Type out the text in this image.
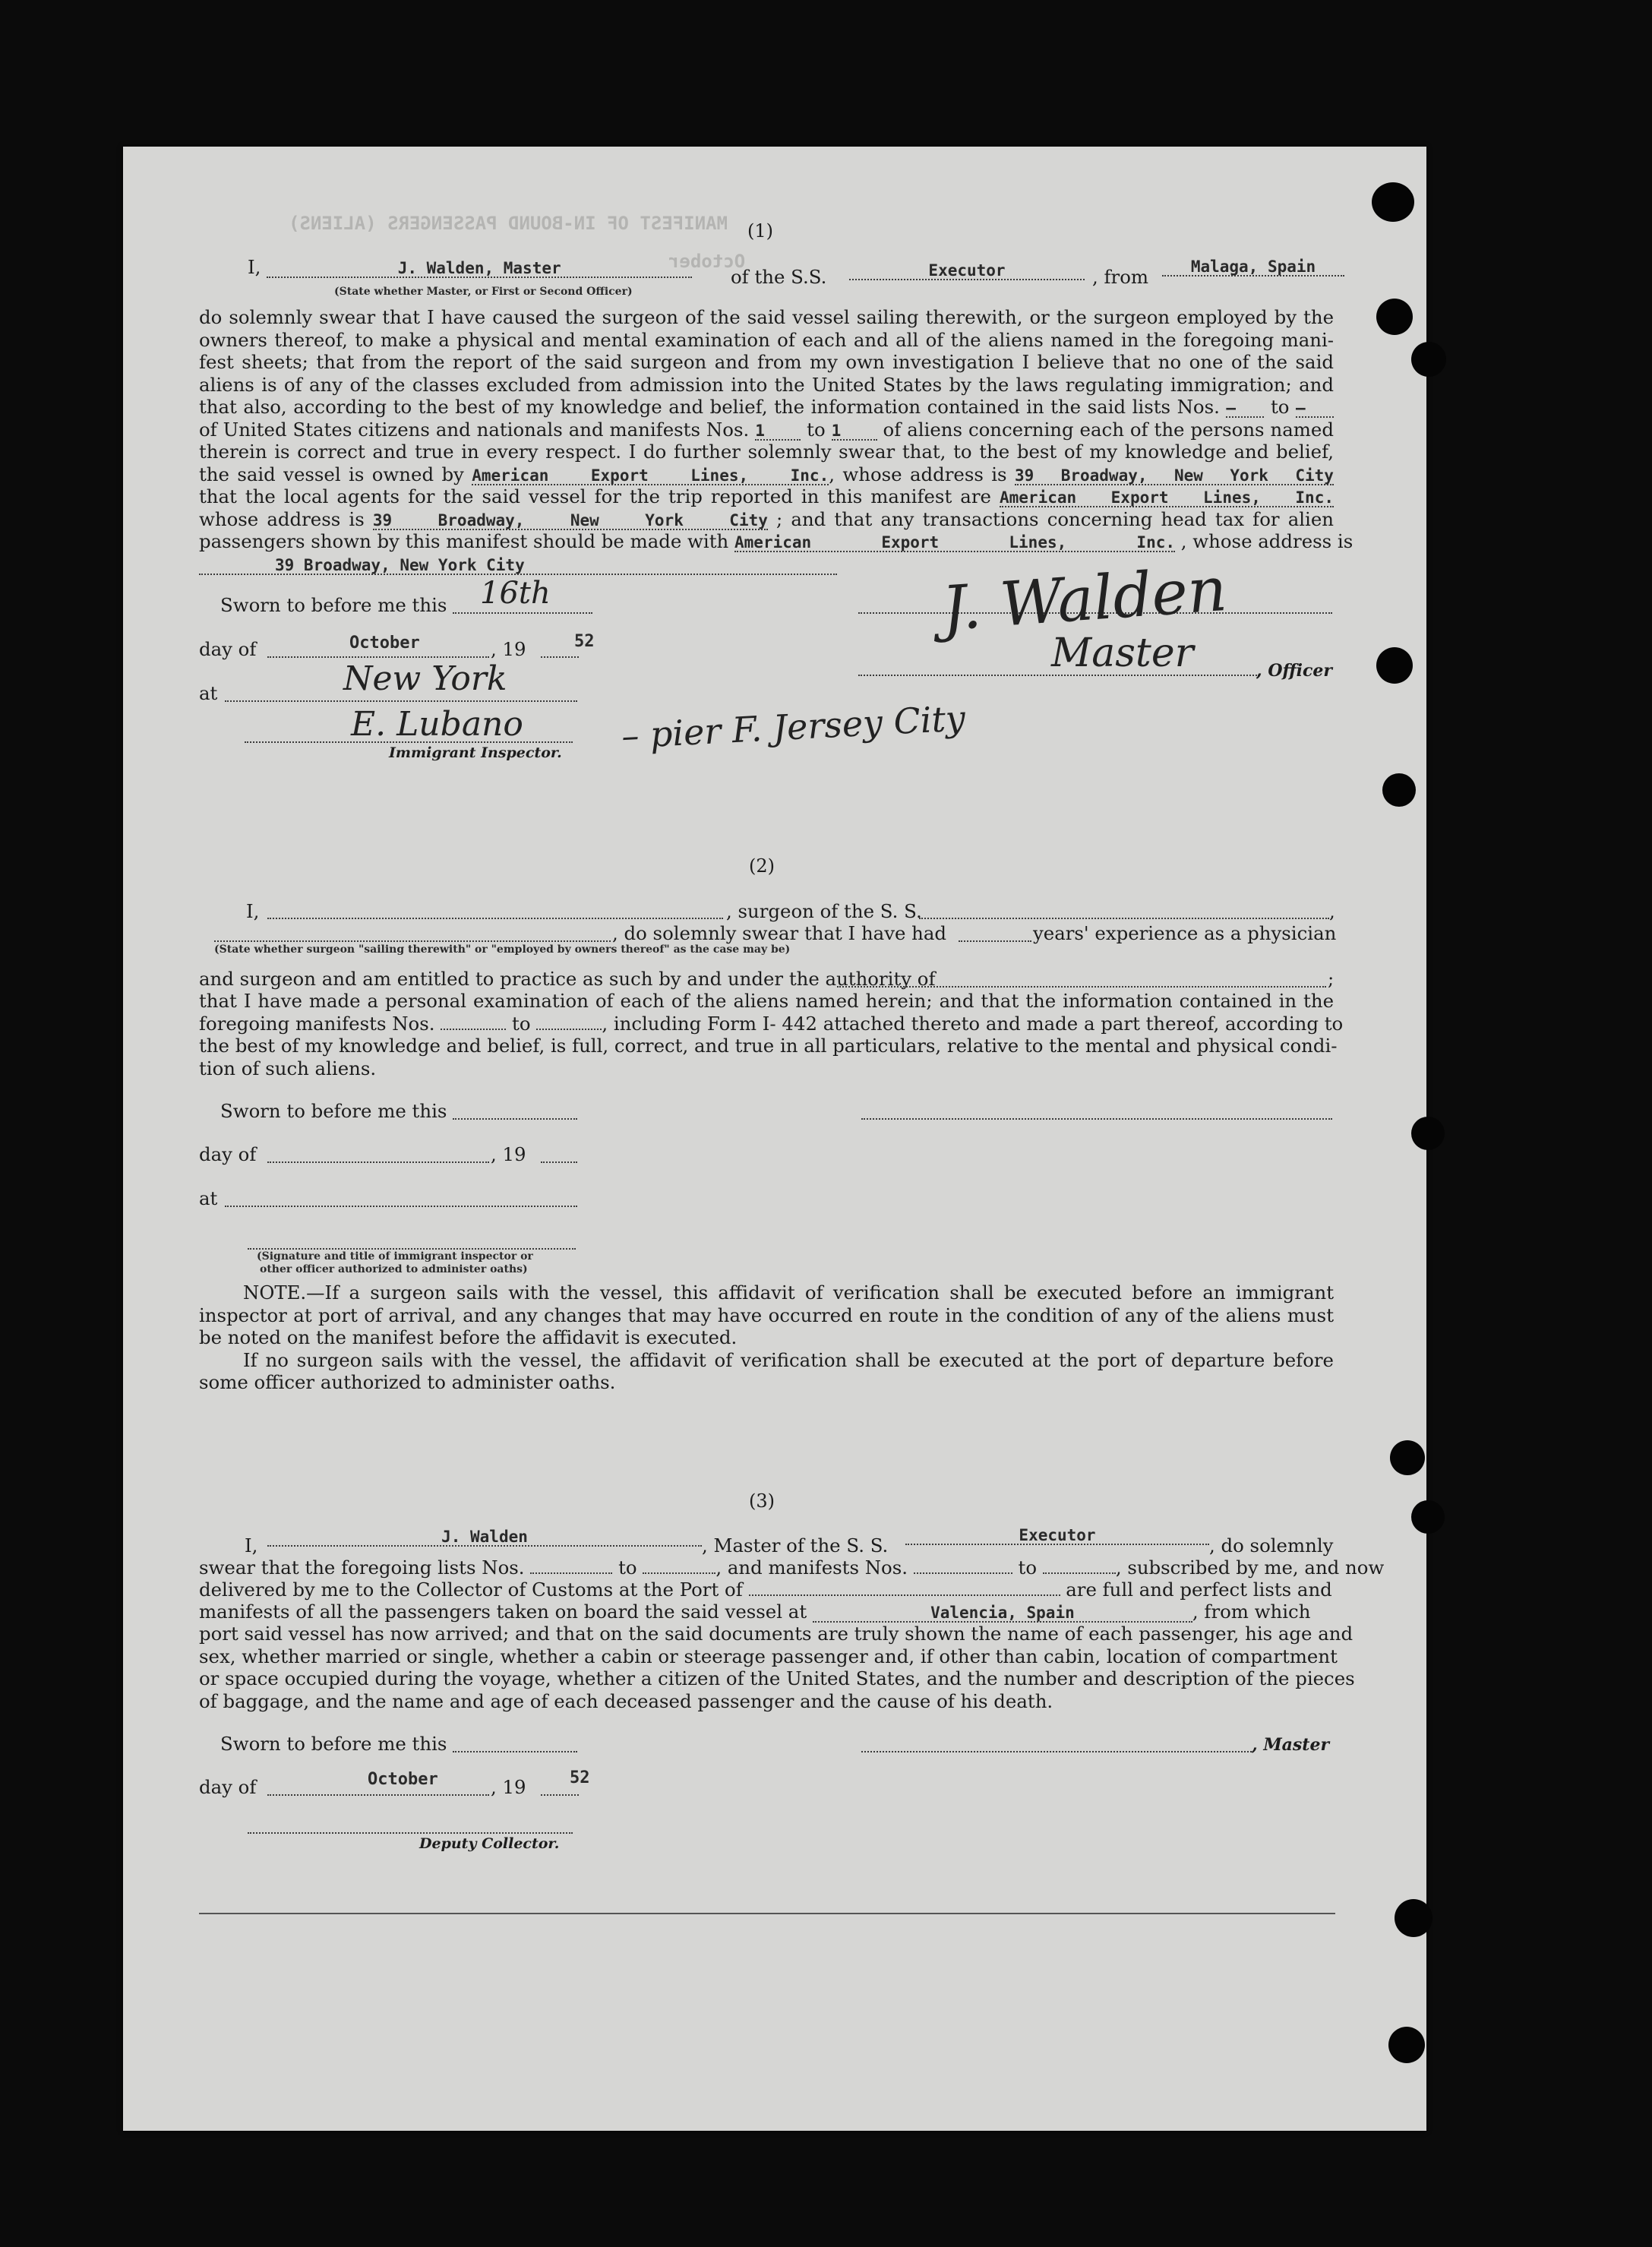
MANIFEST OF IN-BOUND PASSENGERS (ALIENS)
October
(1)
I,	J. Walden, Master	of the S.S.	Executor	, from	Malaga, Spain
(State whether Master, or First or Second Officer)
do solemnly swear that I have caused the surgeon of the said vessel sailing therewith, or the surgeon employed by the
owners thereof, to make a physical and mental examination of each and all of the aliens named in the foregoing mani-
fest sheets; that from the report of the said surgeon and from my own investigation I believe that no one of the said
aliens is of any of the classes excluded from admission into the United States by the laws regulating immigration; and
that also, according to the best of my knowledge and belief, the information contained in the said lists Nos. — to —
of United States citizens and nationals and manifests Nos. 1 to 1 of aliens concerning each of the persons named
therein is correct and true in every respect. I do further solemnly swear that, to the best of my knowledge and belief,
the said vessel is owned by American Export Lines, Inc., whose address is 39 Broadway, New York City
that the local agents for the said vessel for the trip reported in this manifest are American Export Lines, Inc.
whose address is 39 Broadway, New York City ; and that any transactions concerning head tax for alien
passengers shown by this manifest should be made with American Export Lines, Inc. , whose address is
39 Broadway, New York City
Sworn to before me this 16th
day of	October	, 19	52
at	New York
E. Lubano	– pier F. Jersey City
Immigrant Inspector.
J. Walden
Master	, Officer
(2)
I,	, surgeon of the S. S.	,
, do solemnly swear that I have had	years' experience as a physician
(State whether surgeon "sailing therewith" or "employed by owners thereof" as the case may be)
and surgeon and am entitled to practice as such by and under the authority of	;
that I have made a personal examination of each of the aliens named herein; and that the information contained in the
foregoing manifests Nos.	to	, including Form I- 442 attached thereto and made a part thereof, according to
the best of my knowledge and belief, is full, correct, and true in all particulars, relative to the mental and physical condi-
tion of such aliens.
Sworn to before me this
day of	, 19
at
(Signature and title of immigrant inspector or
other officer authorized to administer oaths)
NOTE.—If a surgeon sails with the vessel, this affidavit of verification shall be executed before an immigrant
inspector at port of arrival, and any changes that may have occurred en route in the condition of any of the aliens must
be noted on the manifest before the affidavit is executed.
If no surgeon sails with the vessel, the affidavit of verification shall be executed at the port of departure before
some officer authorized to administer oaths.
(3)
I,	J. Walden	, Master of the S. S.	Executor	, do solemnly
swear that the foregoing lists Nos.	to	, and manifests Nos.	to	, subscribed by me, and now
delivered by me to the Collector of Customs at the Port of	are full and perfect lists and
manifests of all the passengers taken on board the said vessel at	Valencia, Spain	, from which
port said vessel has now arrived; and that on the said documents are truly shown the name of each passenger, his age and
sex, whether married or single, whether a cabin or steerage passenger and, if other than cabin, location of compartment
or space occupied during the voyage, whether a citizen of the United States, and the number and description of the pieces
of baggage, and the name and age of each deceased passenger and the cause of his death.
Sworn to before me this	, Master
day of	October	, 19	52
Deputy Collector.
